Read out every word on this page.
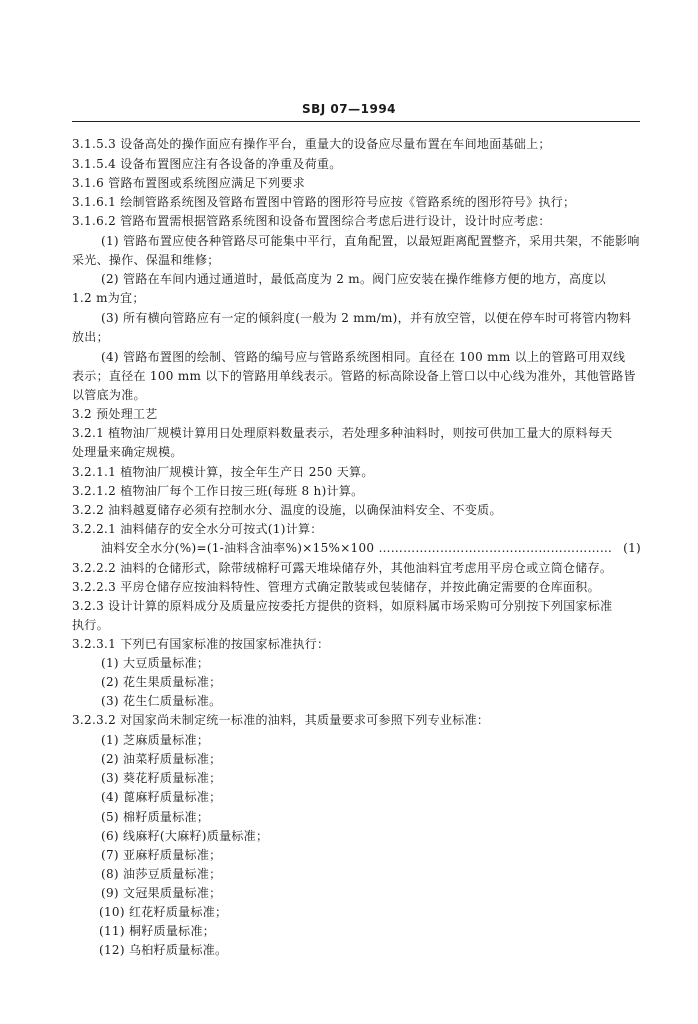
SBJ 07—1994
3.1.5.3 设备高处的操作面应有操作平台，重量大的设备应尽量布置在车间地面基础上；
3.1.5.4 设备布置图应注有各设备的净重及荷重。
3.1.6 管路布置图或系统图应满足下列要求
3.1.6.1 绘制管路系统图及管路布置图中管路的图形符号应按《管路系统的图形符号》执行；
3.1.6.2 管路布置需根据管路系统图和设备布置图综合考虑后进行设计，设计时应考虑：
(1) 管路布置应使各种管路尽可能集中平行，直角配置，以最短距离配置整齐，采用共架，不能影响
采光、操作、保温和维修；
(2) 管路在车间内通过通道时，最低高度为 2 m。阀门应安装在操作维修方便的地方，高度以
1.2 m为宜；
(3) 所有横向管路应有一定的倾斜度(一般为 2 mm/m)，并有放空管，以便在停车时可将管内物料
放出；
(4) 管路布置图的绘制、管路的编号应与管路系统图相同。直径在 100 mm 以上的管路可用双线
表示；直径在 100 mm 以下的管路用单线表示。管路的标高除设备上管口以中心线为准外，其他管路皆
以管底为准。
3.2 预处理工艺
3.2.1 植物油厂规模计算用日处理原料数量表示，若处理多种油料时，则按可供加工量大的原料每天
处理量来确定规模。
3.2.1.1 植物油厂规模计算，按全年生产日 250 天算。
3.2.1.2 植物油厂每个工作日按三班(每班 8 h)计算。
3.2.2 油料越夏储存必须有控制水分、温度的设施，以确保油料安全、不变质。
3.2.2.1 油料储存的安全水分可按式(1)计算：
3.2.2.2 油料的仓储形式，除带绒棉籽可露天堆垛储存外，其他油料宜考虑用平房仓或立筒仓储存。
3.2.2.3 平房仓储存应按油料特性、管理方式确定散装或包装储存，并按此确定需要的仓库面积。
3.2.3 设计计算的原料成分及质量应按委托方提供的资料，如原料属市场采购可分别按下列国家标准
执行。
3.2.3.1 下列已有国家标准的按国家标准执行：
(1) 大豆质量标准；
(2) 花生果质量标准；
(3) 花生仁质量标准。
3.2.3.2 对国家尚未制定统一标准的油料，其质量要求可参照下列专业标准：
(1) 芝麻质量标准；
(2) 油菜籽质量标准；
(3) 葵花籽质量标准；
(4) 蓖麻籽质量标准；
(5) 棉籽质量标准；
(6) 线麻籽(大麻籽)质量标准；
(7) 亚麻籽质量标准；
(8) 油莎豆质量标准；
(9) 文冠果质量标准；
(10) 红花籽质量标准；
(11) 桐籽质量标准；
(12) 乌桕籽质量标准。
油料安全水分(%)=(1-油料含油率%)×15%×100 ………………………………………………… (1)
